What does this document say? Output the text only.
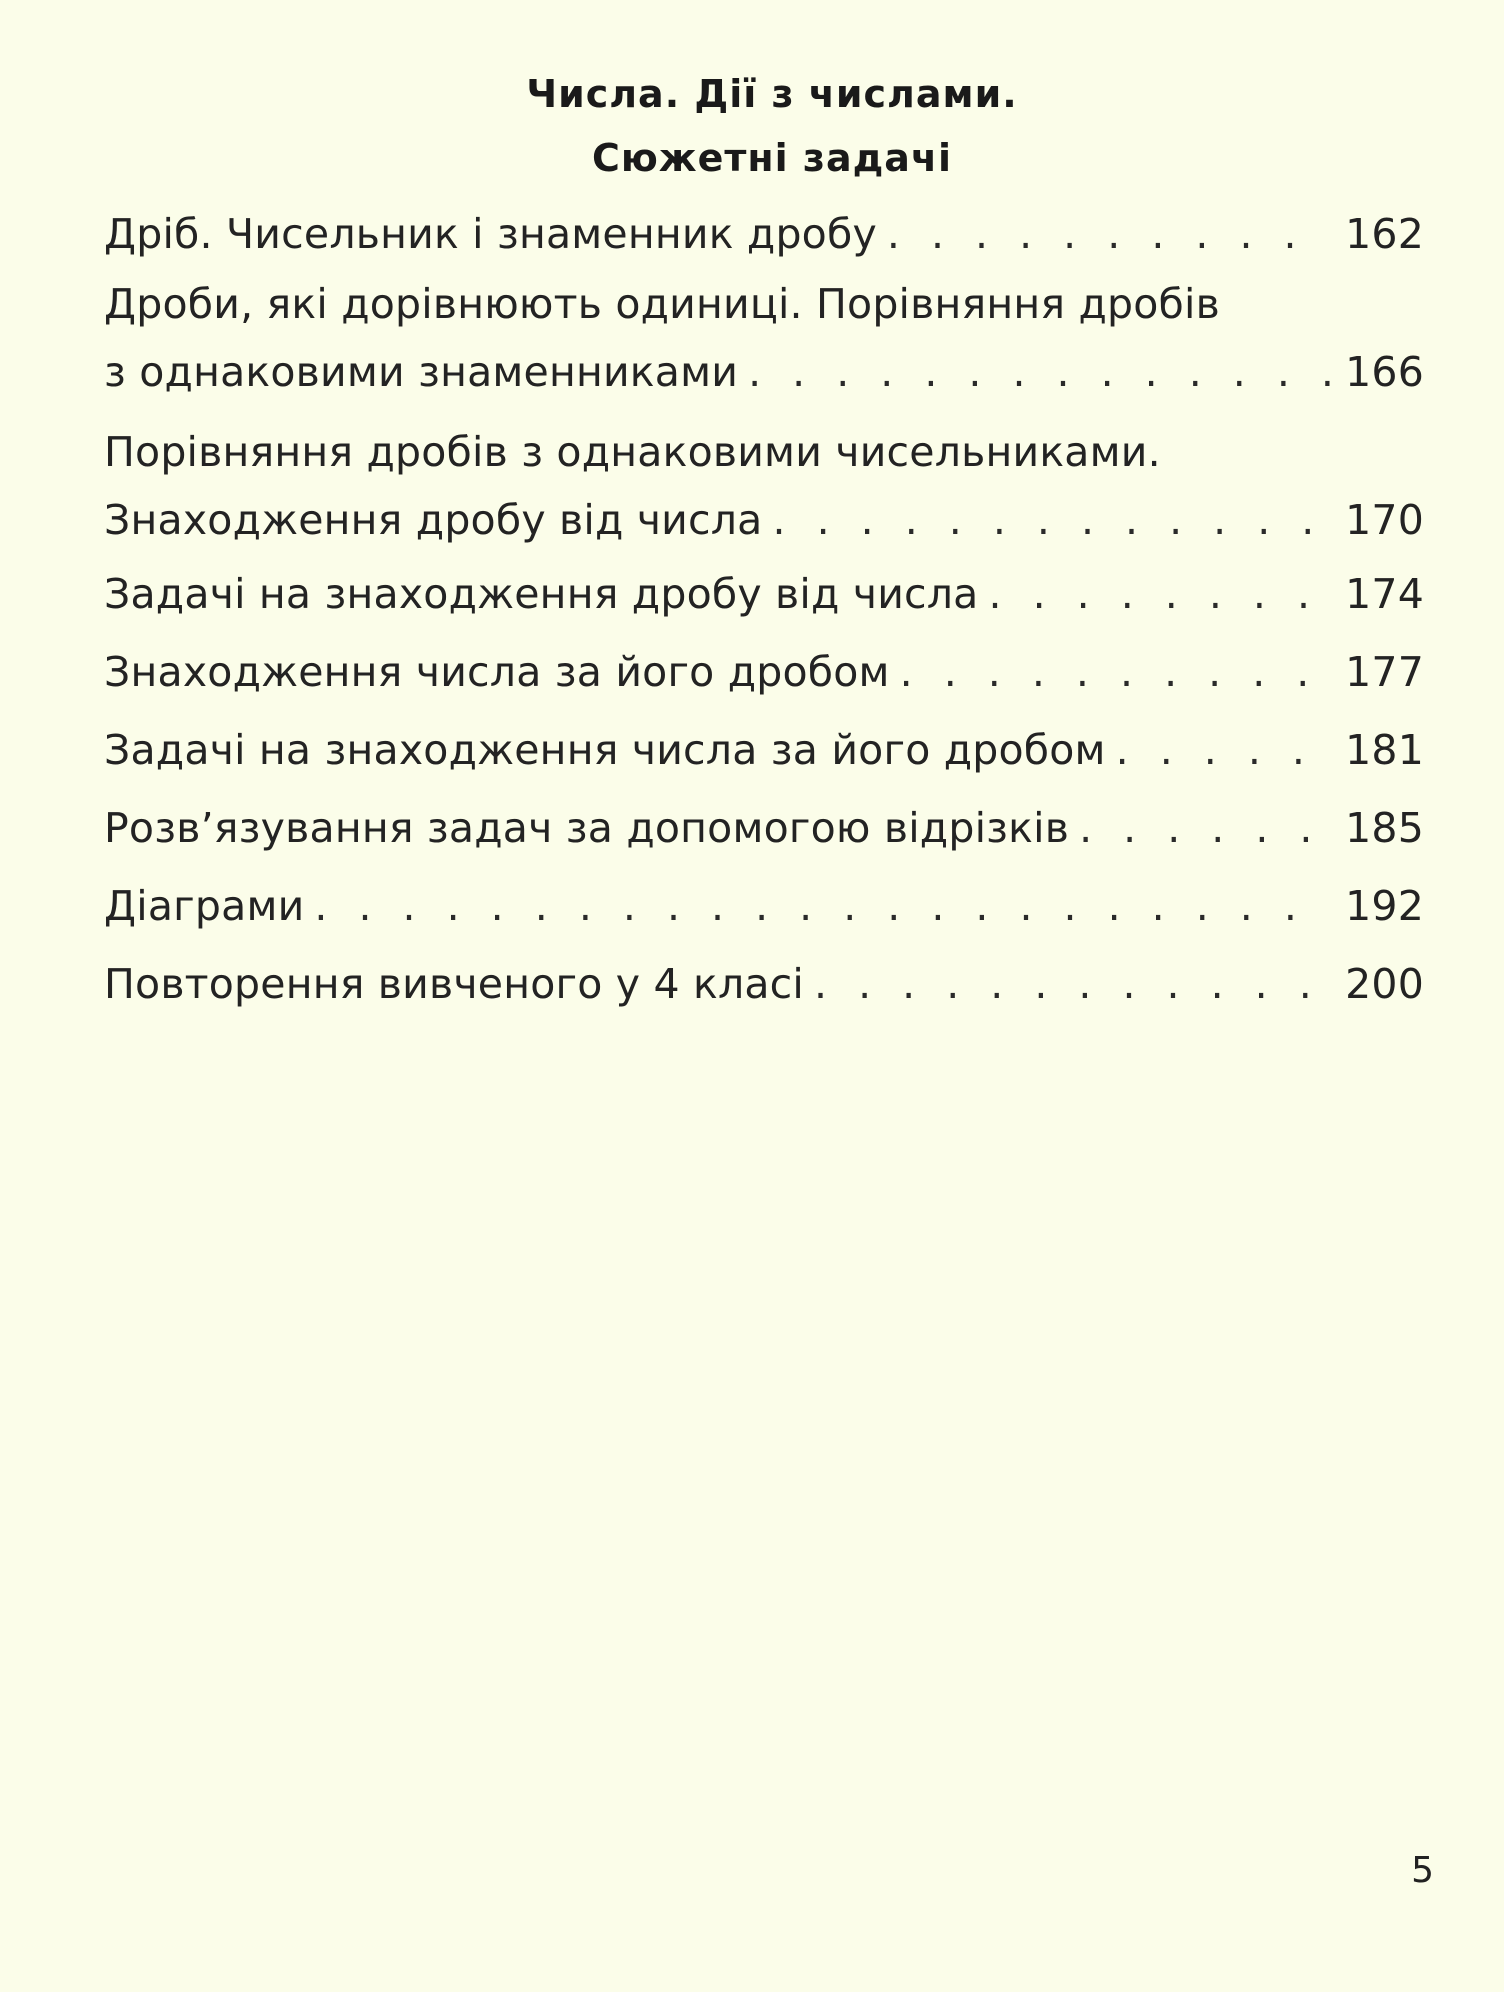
Числа. Дії з числами.
Сюжетні задачі
Дріб. Чисельник і знаменник дробу . . .	162
Дроби, які дорівнюють одиниці. Порівняння дробів
з однаковими знаменниками . . .	166
Порівняння дробів з однаковими чисельниками.
Знаходження дробу від числа . . .	170
Задачі на знаходження дробу від числа . . .	174
Знаходження числа за його дробом . . .	177
Задачі на знаходження числа за його дробом . . .	181
Розв’язування задач за допомогою відрізків . . .	185
Діаграми . . .	192
Повторення вивченого у 4 класі . . .	200
5
